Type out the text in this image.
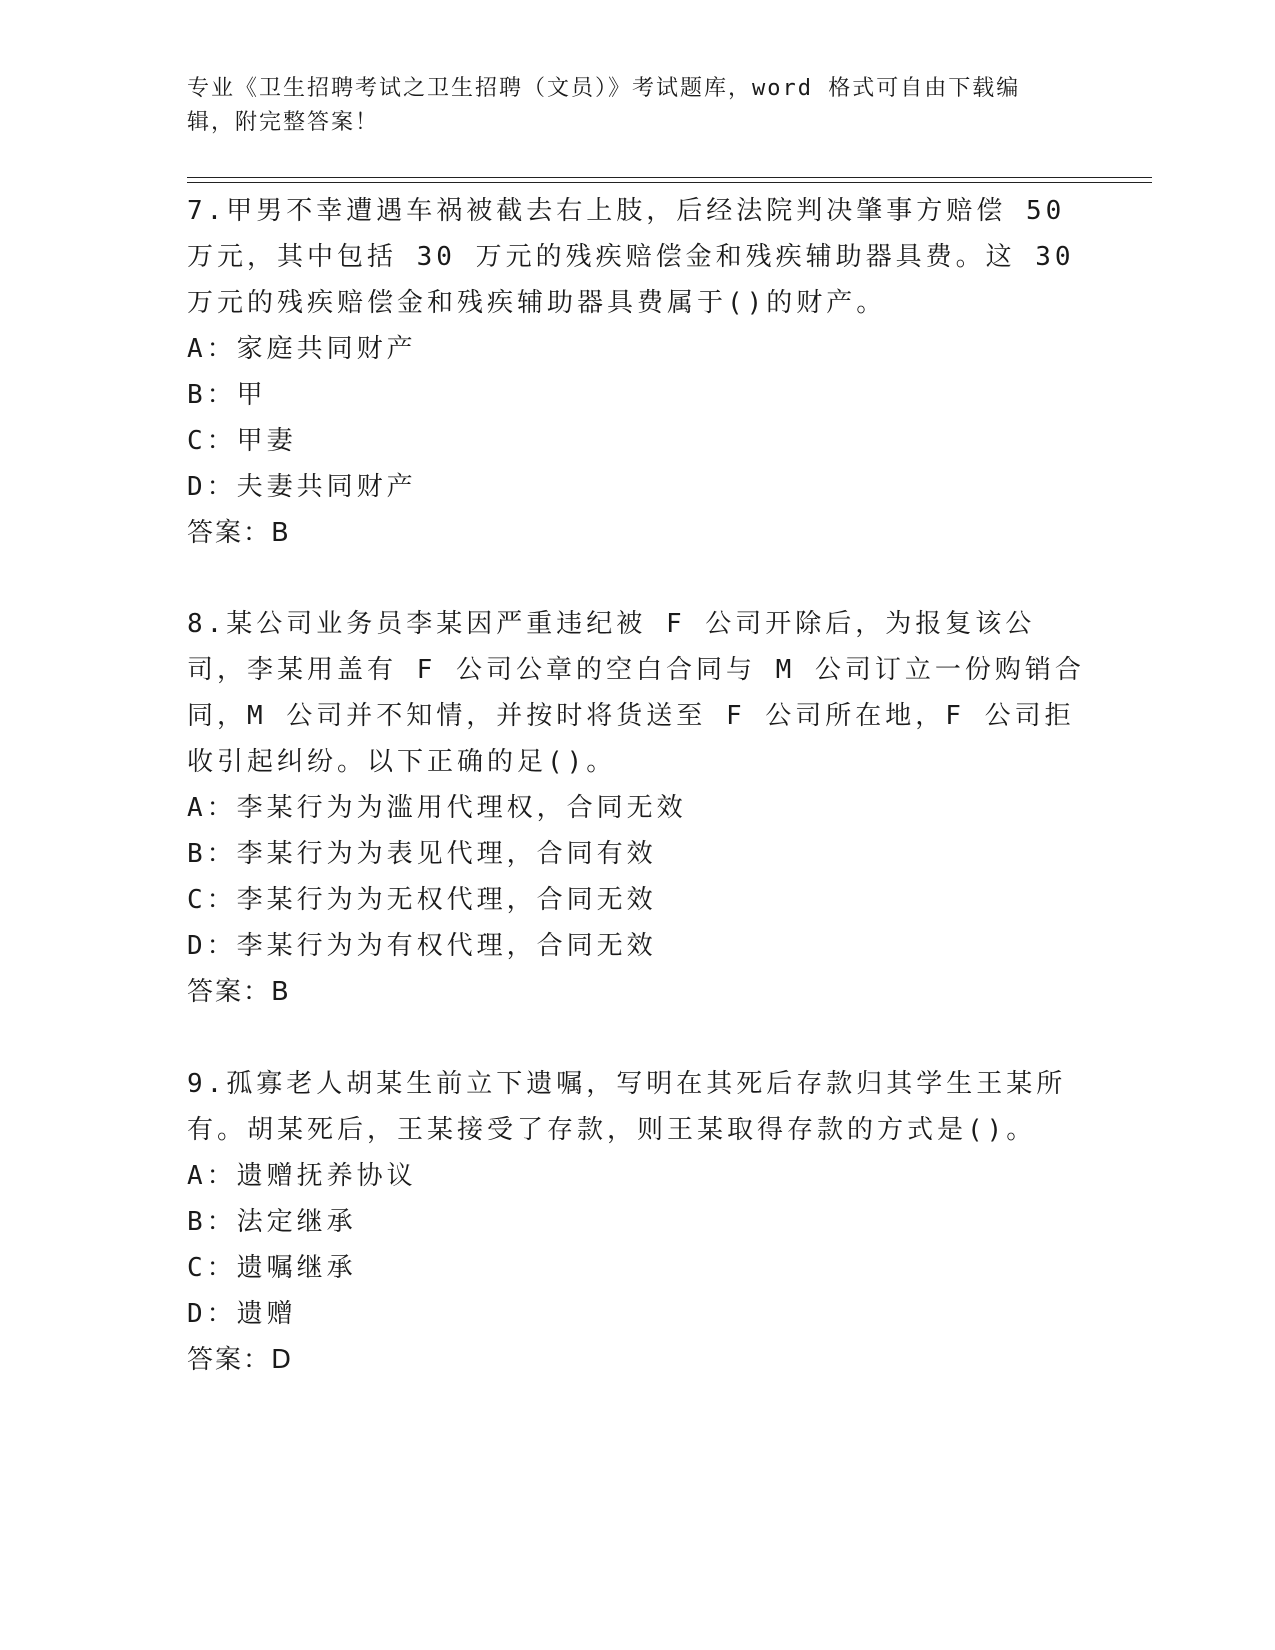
专业《卫生招聘考试之卫生招聘（文员）》考试题库，word 格式可自由下载编辑，附完整答案！

7.甲男不幸遭遇车祸被截去右上肢，后经法院判决肇事方赔偿 50 万元，其中包括 30 万元的残疾赔偿金和残疾辅助器具费。这 30 万元的残疾赔偿金和残疾辅助器具费属于()的财产。

A：家庭共同财产

B：甲

C：甲妻

D：夫妻共同财产

答案：B

8.某公司业务员李某因严重违纪被 F 公司开除后，为报复该公司，李某用盖有 F 公司公章的空白合同与 M 公司订立一份购销合同，M 公司并不知情，并按时将货送至 F 公司所在地，F 公司拒收引起纠纷。以下正确的足()。

A：李某行为为滥用代理权，合同无效

B：李某行为为表见代理，合同有效

C：李某行为为无权代理，合同无效

D：李某行为为有权代理，合同无效

答案：B

9.孤寡老人胡某生前立下遗嘱，写明在其死后存款归其学生王某所有。胡某死后，王某接受了存款，则王某取得存款的方式是()。

A：遗赠抚养协议

B：法定继承

C：遗嘱继承

D：遗赠

答案：D
